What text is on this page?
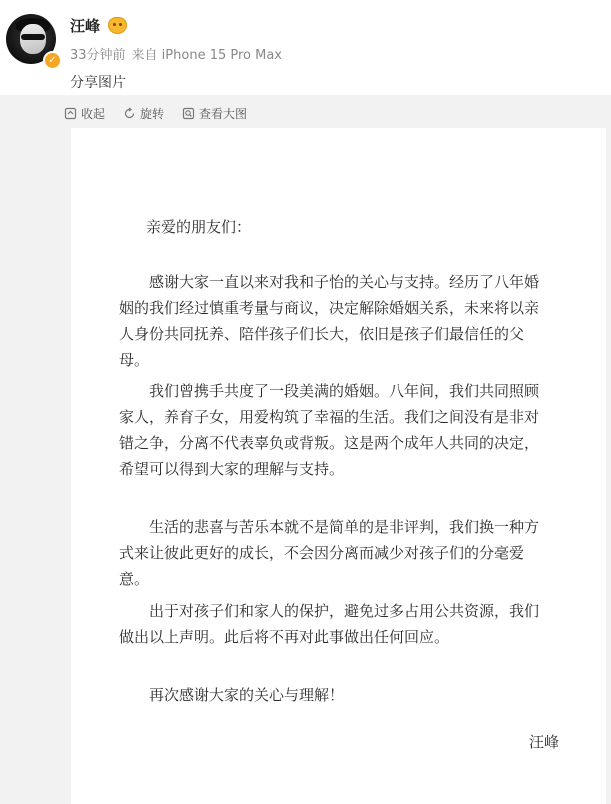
✓
汪峰
33分钟前 来自 iPhone 15 Pro Max
分享图片
收起	旋转	查看大图
亲爱的朋友们：

感谢大家一直以来对我和子怡的关心与支持。经历了八年婚姻的我们经过慎重考量与商议，决定解除婚姻关系，未来将以亲人身份共同抚养、陪伴孩子们长大，依旧是孩子们最信任的父母。

我们曾携手共度了一段美满的婚姻。八年间，我们共同照顾家人，养育子女，用爱构筑了幸福的生活。我们之间没有是非对错之争，分离不代表辜负或背叛。这是两个成年人共同的决定，希望可以得到大家的理解与支持。

生活的悲喜与苦乐本就不是简单的是非评判，我们换一种方式来让彼此更好的成长，不会因分离而减少对孩子们的分毫爱意。

出于对孩子们和家人的保护，避免过多占用公共资源，我们做出以上声明。此后将不再对此事做出任何回应。

再次感谢大家的关心与理解！

汪峰
